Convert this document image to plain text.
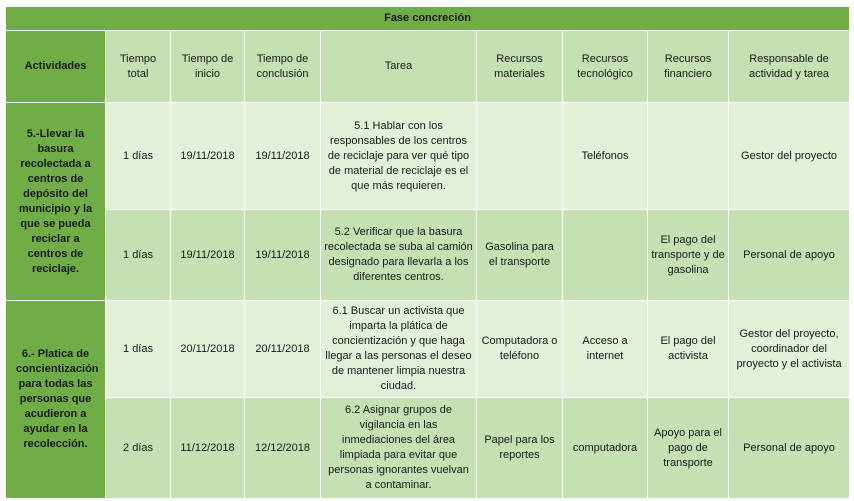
Fase concreción								
Actividades	Tiempo total	Tiempo de inicio	Tiempo de conclusión	Tarea	Recursos materiales	Recursos tecnológico	Recursos financiero	Responsable de actividad y tarea
5.-Llevar la basura recolectada a centros de depósito del municipio y la que se pueda reciclar a centros de reciclaje.	1 días	19/11/2018	19/11/2018	5.1 Hablar con los responsables de los centros de reciclaje para ver qué tipo de material de reciclaje es el que más requieren.		Teléfonos		Gestor del proyecto
	1 días	19/11/2018	19/11/2018	5.2 Verificar que la basura recolectada se suba al camión designado para llevarla a los diferentes centros.	Gasolina para el transporte		El pago del transporte y de gasolina	Personal de apoyo
6.- Platica de concientización para todas las personas que acudieron a ayudar en la recolección.	1 días	20/11/2018	20/11/2018	6.1 Buscar un activista que imparta la plática de concientización y que haga llegar a las personas el deseo de mantener limpia nuestra ciudad.	Computadora o teléfono	Acceso a internet	El pago del activista	Gestor del proyecto, coordinador del proyecto y el activista
	2 días	11/12/2018	12/12/2018	6.2 Asignar grupos de vigilancia en las inmediaciones del área limpiada para evitar que personas ignorantes vuelvan a contaminar.	Papel para los reportes	computadora	Apoyo para el pago de transporte	Personal de apoyo
